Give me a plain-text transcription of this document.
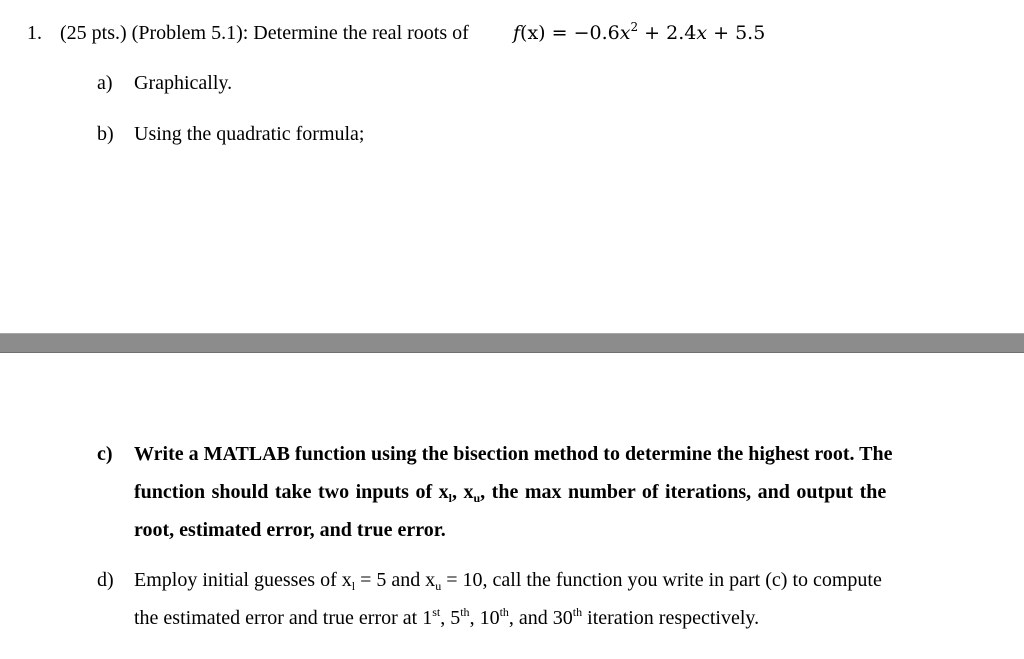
1. (25 pts.) (Problem 5.1): Determine the real roots of $f(x) = -0.6x^2 + 2.4x + 5.5$
a) Graphically.
b) Using the quadratic formula;
c) Write a MATLAB function using the bisection method to determine the highest root. The
function should take two inputs of $x_l$, $x_u$, the max number of iterations, and output the
root, estimated error, and true error.
d) Employ initial guesses of $x_l = 5$ and $x_u = 10$, call the function you write in part (c) to compute
the estimated error and true error at 1st, 5th, 10th, and 30th iteration respectively.
